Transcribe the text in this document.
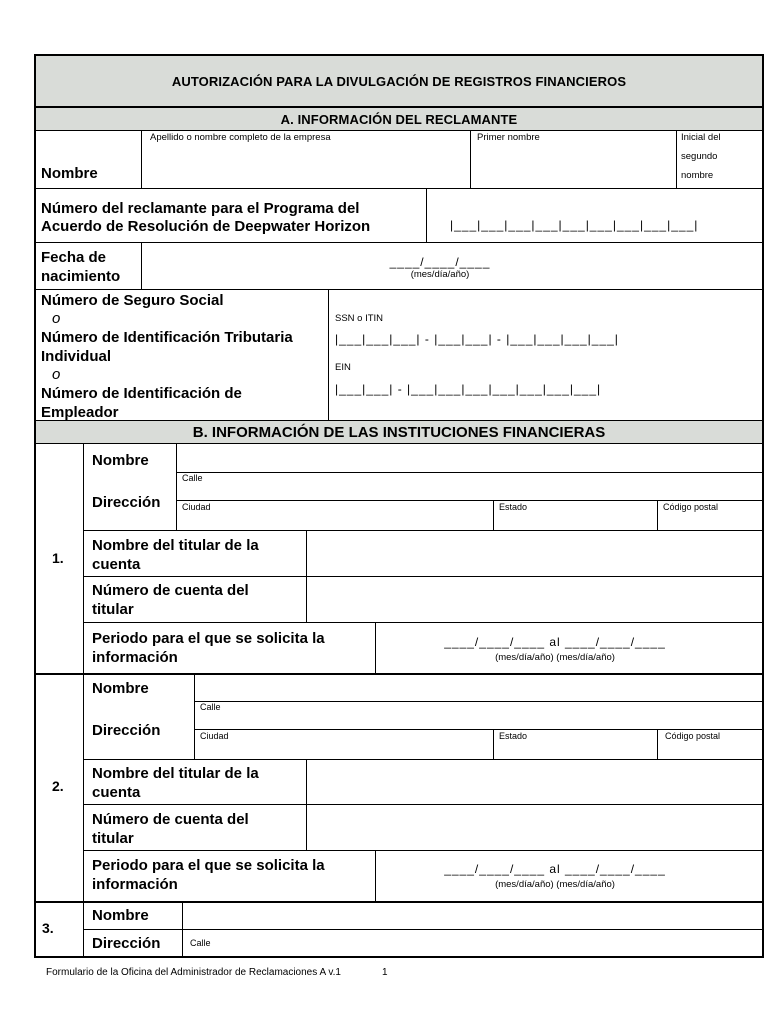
AUTORIZACIÓN PARA LA DIVULGACIÓN DE REGISTROS FINANCIEROS
A. INFORMACIÓN DEL RECLAMANTE
Nombre
Apellido o nombre completo de la empresa	Primer nombre	Inicial del
segundo
nombre
Número del reclamante para el Programa del
Acuerdo de Resolución de Deepwater Horizon	|___|___|___|___|___|___|___|___|___|
Fecha de
nacimiento
____/____/____
(mes/día/año)
Número de Seguro Social
o
Número de Identificación Tributaria
Individual
o
Número de Identificación de
Empleador
SSN o ITIN
|___|___|___| - |___|___| - |___|___|___|___|
EIN
|___|___| - |___|___|___|___|___|___|___|
B. INFORMACIÓN DE LAS INSTITUCIONES FINANCIERAS
1.
Nombre
Dirección
Calle
Ciudad	Estado	Código postal
Nombre del titular de la
cuenta
Número de cuenta del
titular
Periodo para el que se solicita la
información
____/____/____ al ____/____/____
(mes/día/año) (mes/día/año)
2.
Nombre
Dirección
Calle
Ciudad	Estado	Código postal
Nombre del titular de la
cuenta
Número de cuenta del
titular
Periodo para el que se solicita la
información
____/____/____ al ____/____/____
(mes/día/año) (mes/día/año)
3.
Nombre
Dirección	Calle
Formulario de la Oficina del Administrador de Reclamaciones A v.1	1
